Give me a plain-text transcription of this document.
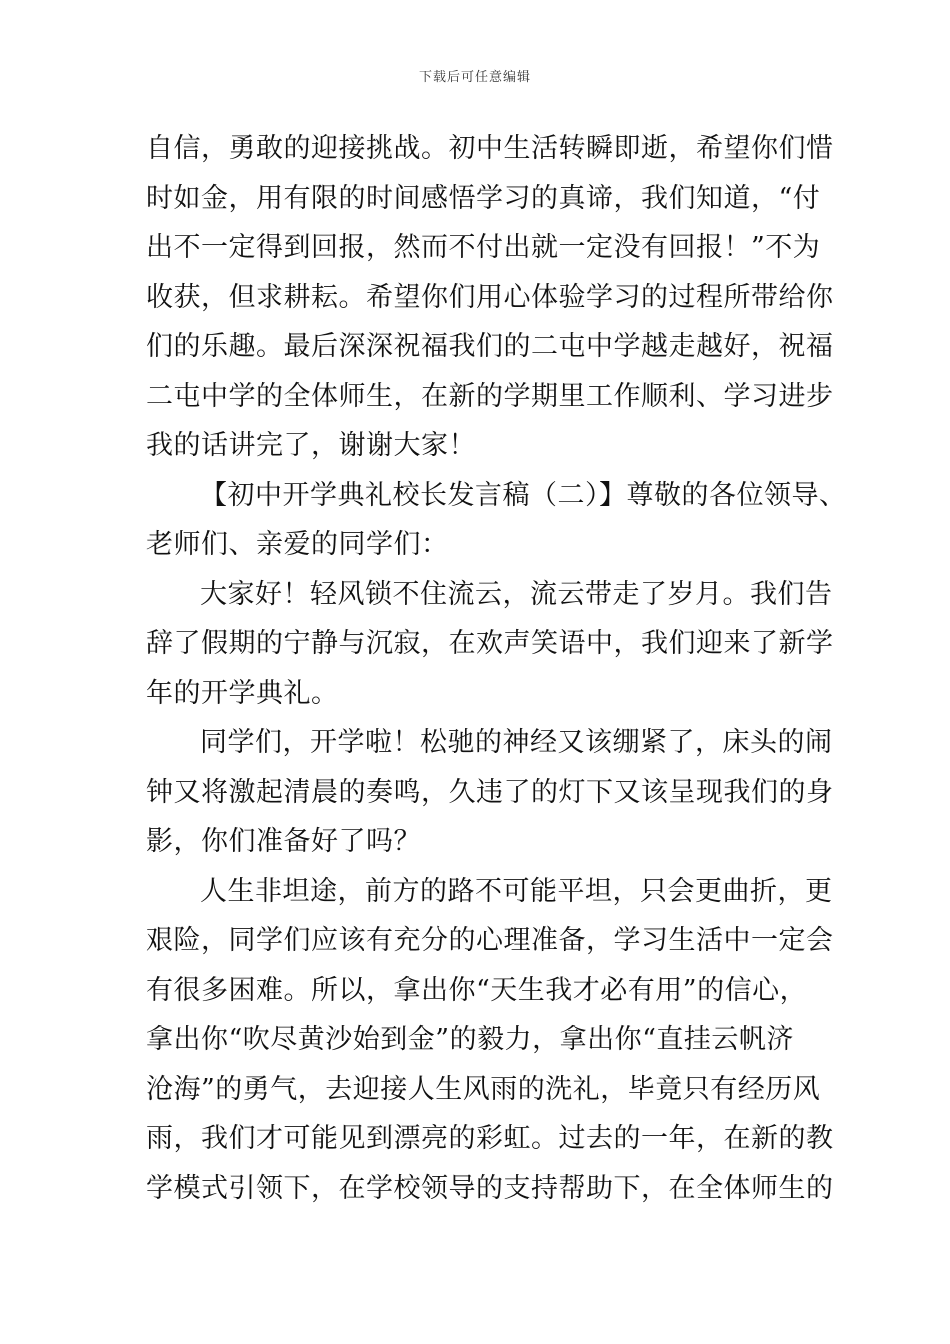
下载后可任意编辑
自信，勇敢的迎接挑战。初中生活转瞬即逝，希望你们惜
时如金，用有限的时间感悟学习的真谛，我们知道，“付
出不一定得到回报，然而不付出就一定没有回报！”不为
收获，但求耕耘。希望你们用心体验学习的过程所带给你
们的乐趣。最后深深祝福我们的二屯中学越走越好，祝福
二屯中学的全体师生，在新的学期里工作顺利、学习进步
我的话讲完了，谢谢大家！
【初中开学典礼校长发言稿（二）】尊敬的各位领导、
老师们、亲爱的同学们：
大家好！轻风锁不住流云，流云带走了岁月。我们告
辞了假期的宁静与沉寂，在欢声笑语中，我们迎来了新学
年的开学典礼。
同学们，开学啦！松驰的神经又该绷紧了，床头的闹
钟又将激起清晨的奏鸣，久违了的灯下又该呈现我们的身
影，你们准备好了吗？
人生非坦途，前方的路不可能平坦，只会更曲折，更
艰险，同学们应该有充分的心理准备，学习生活中一定会
有很多困难。所以，拿出你“天生我才必有用”的信心，
拿出你“吹尽黄沙始到金”的毅力，拿出你“直挂云帆济
沧海”的勇气，去迎接人生风雨的洗礼，毕竟只有经历风
雨，我们才可能见到漂亮的彩虹。过去的一年，在新的教
学模式引领下，在学校领导的支持帮助下，在全体师生的
